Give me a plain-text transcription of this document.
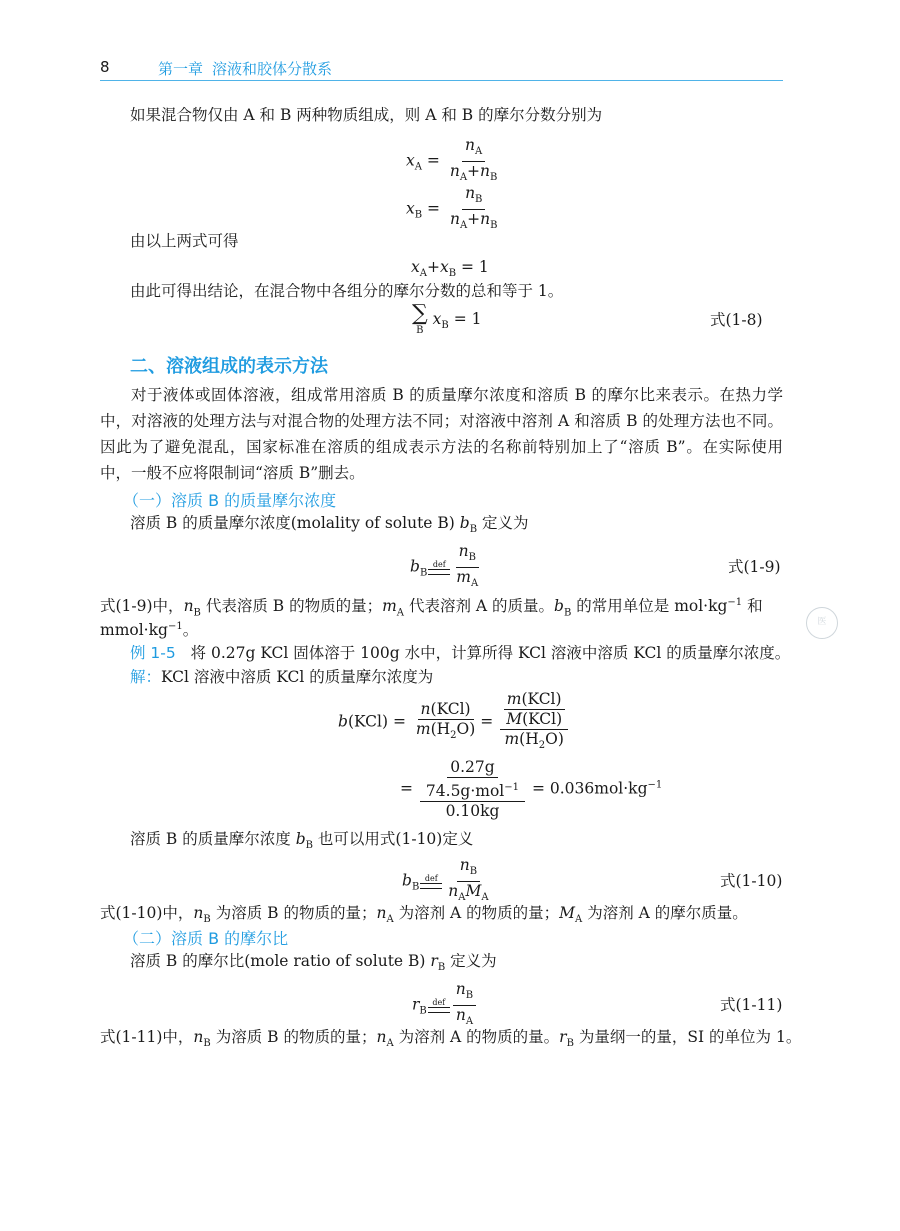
8	第一章 溶液和胶体分散系
如果混合物仅由 A 和 B 两种物质组成，则 A 和 B 的摩尔分数分别为
$x_A = \frac{n_A}{n_A+n_B}$
$x_B = \frac{n_B}{n_A+n_B}$
由以上两式可得
$x_A+x_B = 1$
由此可得出结论，在混合物中各组分的摩尔分数的总和等于 1。
∑
B
$x_B = 1$	式(1-8)
二、溶液组成的表示方法
对于液体或固体溶液，组成常用溶质 B 的质量摩尔浓度和溶质 B 的摩尔比来表示。在热力学中，对溶液的处理方法与对混合物的处理方法不同；对溶液中溶剂 A 和溶质 B 的处理方法也不同。因此为了避免混乱，国家标准在溶质的组成表示方法的名称前特别加上了“溶质 B”。在实际使用中，一般不应将限制词“溶质 B”删去。
（一）溶质 B 的质量摩尔浓度
溶质 B 的质量摩尔浓度(molality of solute B) $b_B$ 定义为
$b_B$
def $\frac{n_B}{m_A}$	式(1-9)
式(1-9)中，$n_B$ 代表溶质 B 的物质的量；$m_A$ 代表溶剂 A 的质量。$b_B$ 的常用单位是 $mol\cdot kg^{-1}$ 和
$mmol\cdot kg^{-1}$。	医
例 1-5 将 0.27g KCl 固体溶于 100g 水中，计算所得 KCl 溶液中溶质 KCl 的质量摩尔浓度。
解：KCl 溶液中溶质 KCl 的质量摩尔浓度为
$b(KCl) = \frac{\text{n(KCl)}}{m(H_2O)} = \frac{\frac{\text{m(KCl)}}{\text{M(KCl)}}}{m(H_2O)}$
= $\frac{\frac{0.27g}{74.5g\cdot mol^{-1}}}{0.10kg} = 0.036mol\cdot kg^{-1}$
溶质 B 的质量摩尔浓度 $b_B$ 也可以用式(1-10)定义
$b_B$
def $\frac{n_B}{n_AM_A}$	式(1-10)
式(1-10)中，$n_B$ 为溶质 B 的物质的量；$n_A$ 为溶剂 A 的物质的量；$M_A$ 为溶剂 A 的摩尔质量。
（二）溶质 B 的摩尔比
溶质 B 的摩尔比(mole ratio of solute B) $r_B$ 定义为
$r_B$
def $\frac{n_B}{n_A}$	式(1-11)
式(1-11)中，$n_B$ 为溶质 B 的物质的量；$n_A$ 为溶剂 A 的物质的量。$r_B$ 为量纲一的量，SI 的单位为 1。
